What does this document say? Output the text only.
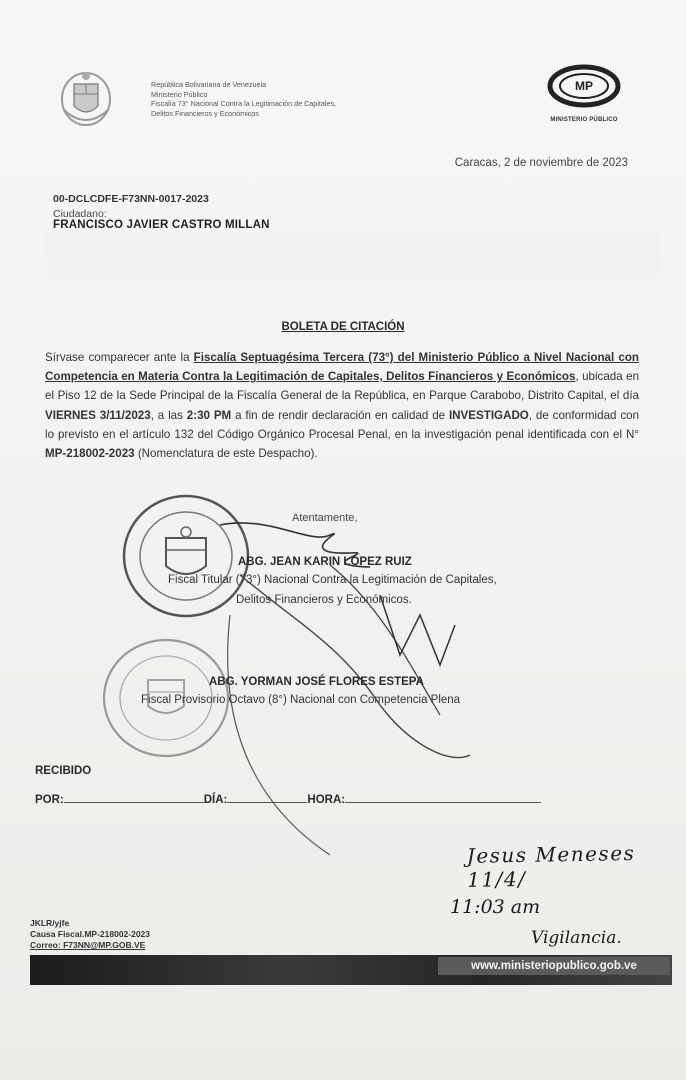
República Bolivariana de Venezuela
Ministerio Público
Fiscalía 73° Nacional Contra la Legitimación de Capitales,
Delitos Financieros y Económicos
MP
MINISTERIO PÚBLICO
Caracas, 2 de noviembre de 2023
00-DCLCDFE-F73NN-0017-2023
Ciudadano:
FRANCISCO JAVIER CASTRO MILLAN
BOLETA DE CITACIÓN
Sírvase comparecer ante la Fiscalía Septuagésima Tercera (73°) del Ministerio Público a Nivel Nacional con Competencia en Materia Contra la Legitimación de Capitales, Delitos Financieros y Económicos, ubicada en el Piso 12 de la Sede Principal de la Fiscalía General de la República, en Parque Carabobo, Distrito Capital, el día VIERNES 3/11/2023, a las 2:30 PM a fin de rendir declaración en calidad de INVESTIGADO, de conformidad con lo previsto en el artículo 132 del Código Orgánico Procesal Penal, en la investigación penal identificada con el N° MP-218002-2023 (Nomenclatura de este Despacho).
Atentamente,
ABG. JEAN KARIN LÓPEZ RUIZ
Fiscal Titular (73°) Nacional Contra la Legitimación de Capitales,
Delitos Financieros y Económicos.
ABG. YORMAN JOSÉ FLORES ESTEPA
Fiscal Provisorio Octavo (8°) Nacional con Competencia Plena
RECIBIDO
POR:	DÍA:	HORA:
Jesus Meneses 11/4/
11:03 am
Vigilancia.
JKLR/yjfe
Causa Fiscal.MP-218002-2023
Correo: F73NN@MP.GOB.VE
www.ministeriopublico.gob.ve
